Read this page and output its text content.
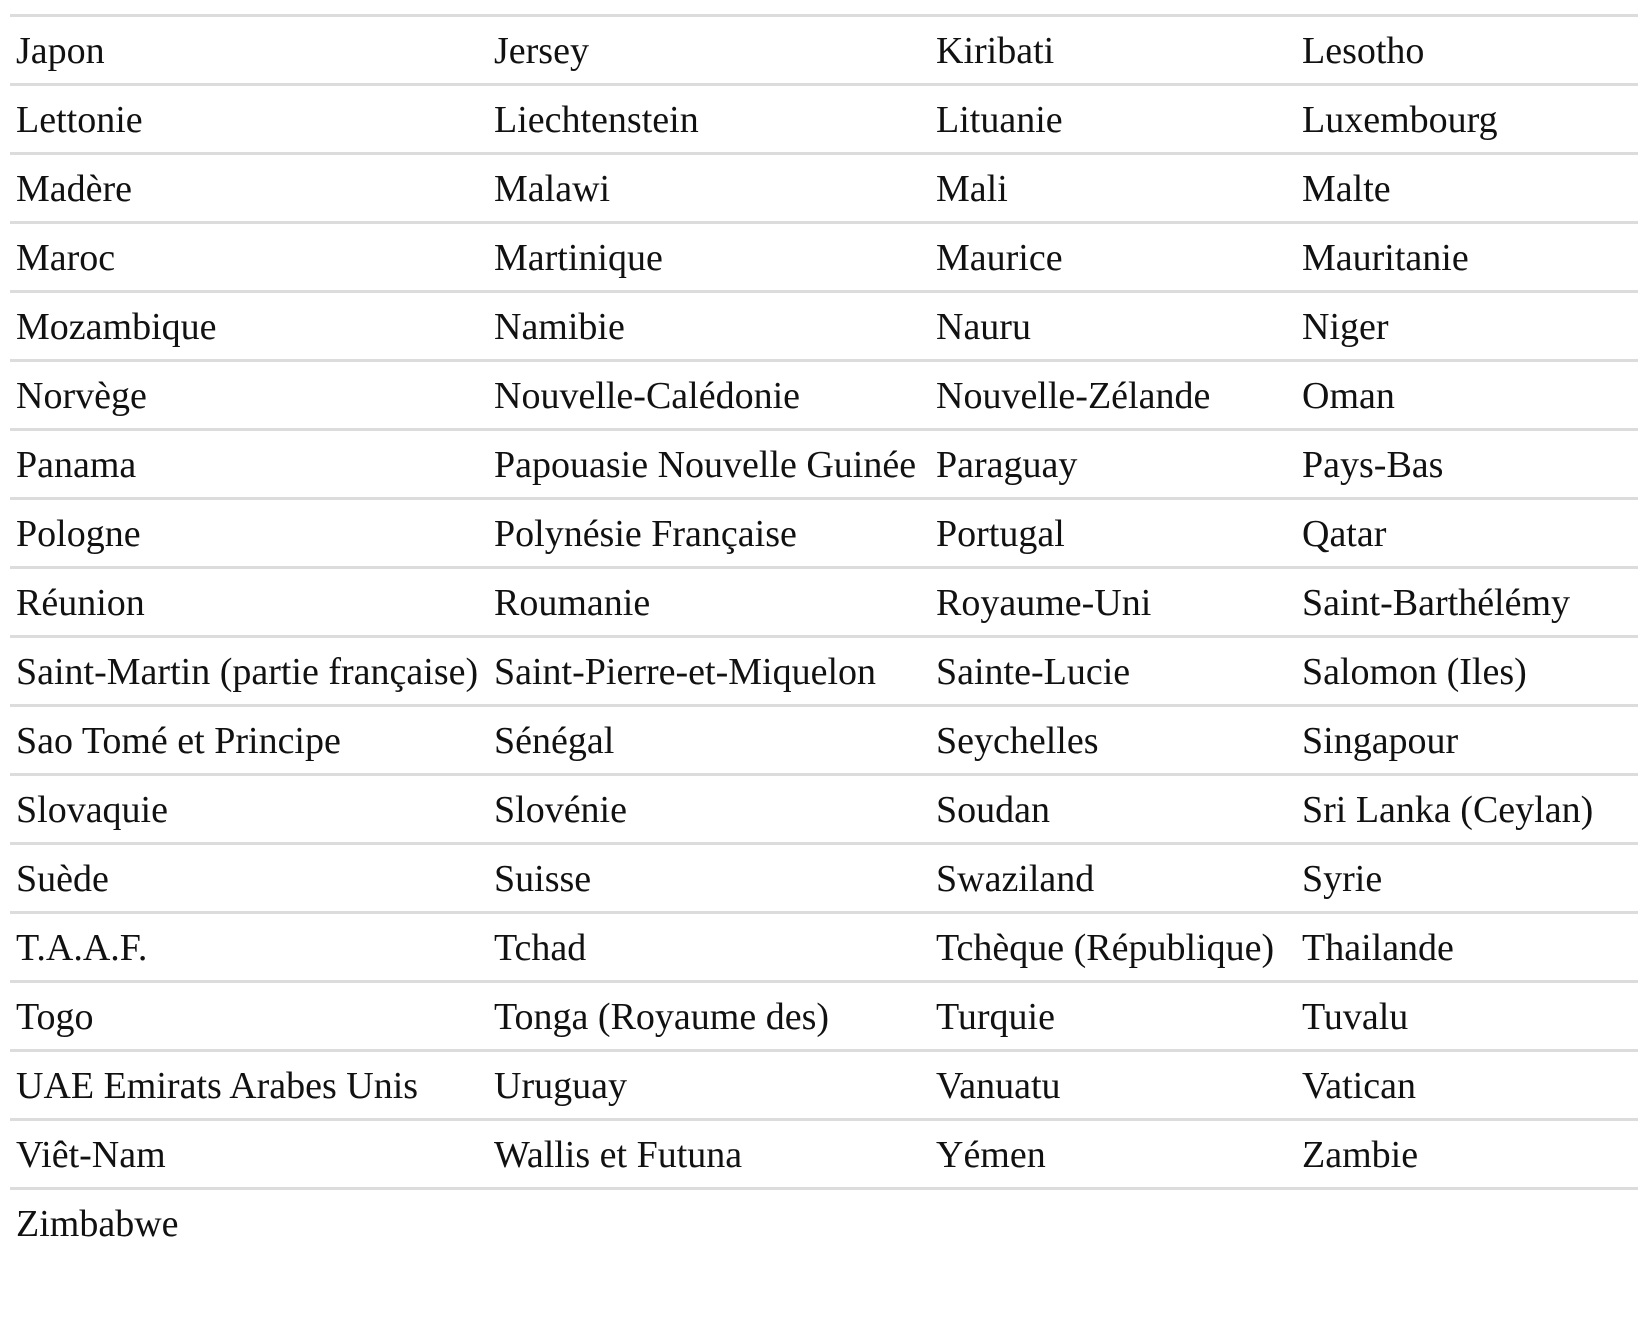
Japon	Jersey	Kiribati	Lesotho

Lettonie	Liechtenstein	Lituanie	Luxembourg

Madère	Malawi	Mali	Malte

Maroc	Martinique	Maurice	Mauritanie

Mozambique	Namibie	Nauru	Niger

Norvège	Nouvelle-Calédonie	Nouvelle-Zélande	Oman

Panama	Papouasie Nouvelle Guinée	Paraguay	Pays-Bas

Pologne	Polynésie Française	Portugal	Qatar

Réunion	Roumanie	Royaume-Uni	Saint-Barthélémy

Saint-Martin (partie française)	Saint-Pierre-et-Miquelon	Sainte-Lucie	Salomon (Iles)

Sao Tomé et Principe	Sénégal	Seychelles	Singapour

Slovaquie	Slovénie	Soudan	Sri Lanka (Ceylan)

Suède	Suisse	Swaziland	Syrie

T.A.A.F.	Tchad	Tchèque (République)	Thailande

Togo	Tonga (Royaume des)	Turquie	Tuvalu

UAE Emirats Arabes Unis	Uruguay	Vanuatu	Vatican

Viêt-Nam	Wallis et Futuna	Yémen	Zambie

Zimbabwe			
